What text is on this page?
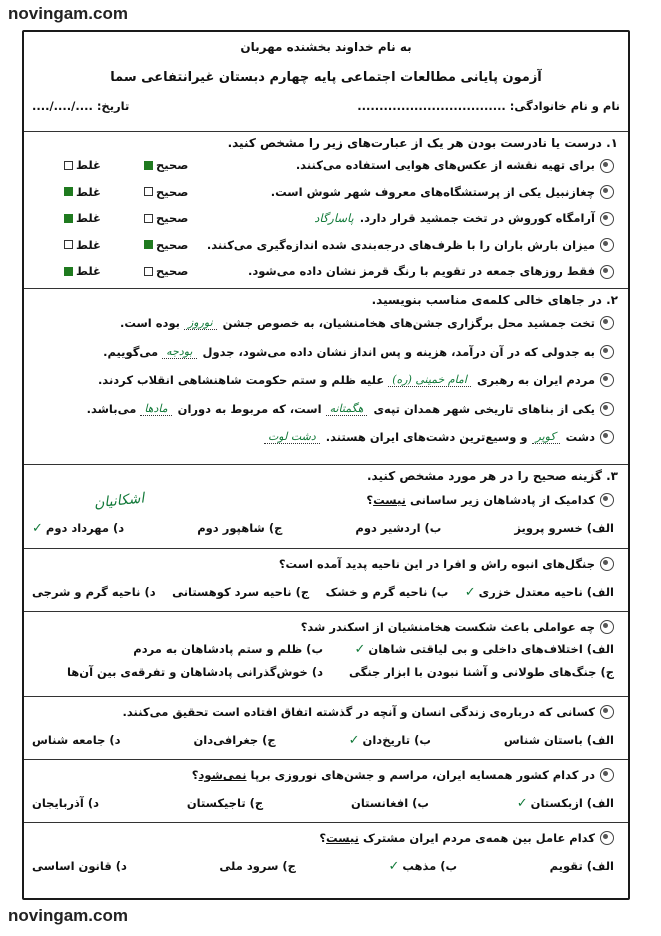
novingam.com
به نام خداوند بخشنده مهربان
آزمون پایانی مطالعات اجتماعی پایه چهارم دبستان غیرانتفاعی سما
نام و نام خانوادگی: ..................................
تاریخ: ..../..../....
۱. درست یا نادرست بودن هر یک از عبارت‌های زیر را مشخص کنید.
برای تهیه نقشه از عکس‌های هوایی استفاده می‌کنند.
صحیح
غلط
چغازنبیل یکی از پرستشگاه‌های معروف شهر شوش است.
صحیح
غلط
آرامگاه کوروش در تخت جمشید قرار دارد.پاسارگاد
صحیح
غلط
میزان بارش باران را با ظرف‌های درجه‌بندی شده اندازه‌گیری می‌کنند.
صحیح
غلط
فقط روزهای جمعه در تقویم با رنگ قرمز نشان داده می‌شود.
صحیح
غلط
۲. در جاهای خالی کلمه‌ی مناسب بنویسید.
تخت جمشید محل برگزاری جشن‌های هخامنشیان، به خصوص جشن
نوروز
بوده است.
به جدولی که در آن درآمد، هزینه و پس انداز نشان داده می‌شود، جدول
بودجه
می‌گوییم.
مردم ایران به رهبری
امام خمینی (ره)
علیه ظلم و ستم حکومت شاهنشاهی انقلاب کردند.
یکی از بناهای تاریخی شهر همدان تپه‌ی
هگمتانه
است، که مربوط به دوران
مادها
می‌باشد.
دشت
کویر
و
وسیع‌ترین دشت‌های ایران هستند.
دشت لوت
۳. گزینه صحیح را در هر مورد مشخص کنید.
اشکانیان	کدامیک از پادشاهان زیر ساسانی
نیست
؟
الف) خسرو پرویز
ب) اردشیر دوم
ج) شاهپور دوم
د) مهرداد دوم✓
جنگل‌های انبوه راش و افرا در این ناحیه پدید آمده است؟
الف) ناحیه معتدل خزری✓
ب) ناحیه گرم و خشک
ج) ناحیه سرد کوهستانی
د) ناحیه گرم و شرجی
چه عواملی باعث شکست هخامنشیان از اسکندر شد؟
الف) اختلاف‌های داخلی و بی لیاقتی شاهان✓
ب) ظلم و ستم پادشاهان به مردم
ج) جنگ‌های طولانی و آشنا نبودن با ابزار جنگی
د) خوش‌گذرانی پادشاهان و تفرقه‌ی بین آن‌ها
کسانی که درباره‌ی زندگی انسان و آنچه در گذشته اتفاق افتاده است تحقیق می‌کنند.
الف) باستان شناس
ب) تاریخ‌دان✓
ج) جغرافی‌دان
د) جامعه شناس
در کدام کشور همسایه ایران، مراسم و جشن‌های نوروزی برپا
نمی‌شود
؟
الف) ازبکستان✓
ب) افغانستان
ج) تاجیکستان
د) آذربایجان
کدام عامل بین همه‌ی مردم ایران مشترک
نیست
؟
الف) تقویم
ب) مذهب✓
ج) سرود ملی
د) قانون اساسی
novingam.com
